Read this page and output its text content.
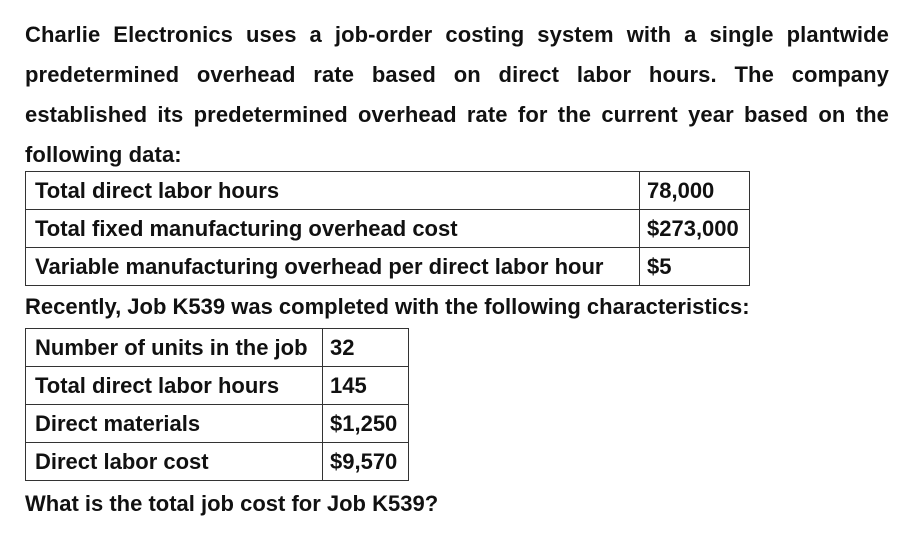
Charlie Electronics uses a job-order costing system with a single plantwide predetermined overhead rate based on direct labor hours. The company established its predetermined overhead rate for the current year based on the following data:
Total direct labor hours	78,000
Total fixed manufacturing overhead cost	$273,000
Variable manufacturing overhead per direct labor hour	$5
Recently, Job K539 was completed with the following characteristics:
Number of units in the job	32
Total direct labor hours	145
Direct materials	$1,250
Direct labor cost	$9,570
What is the total job cost for Job K539?
